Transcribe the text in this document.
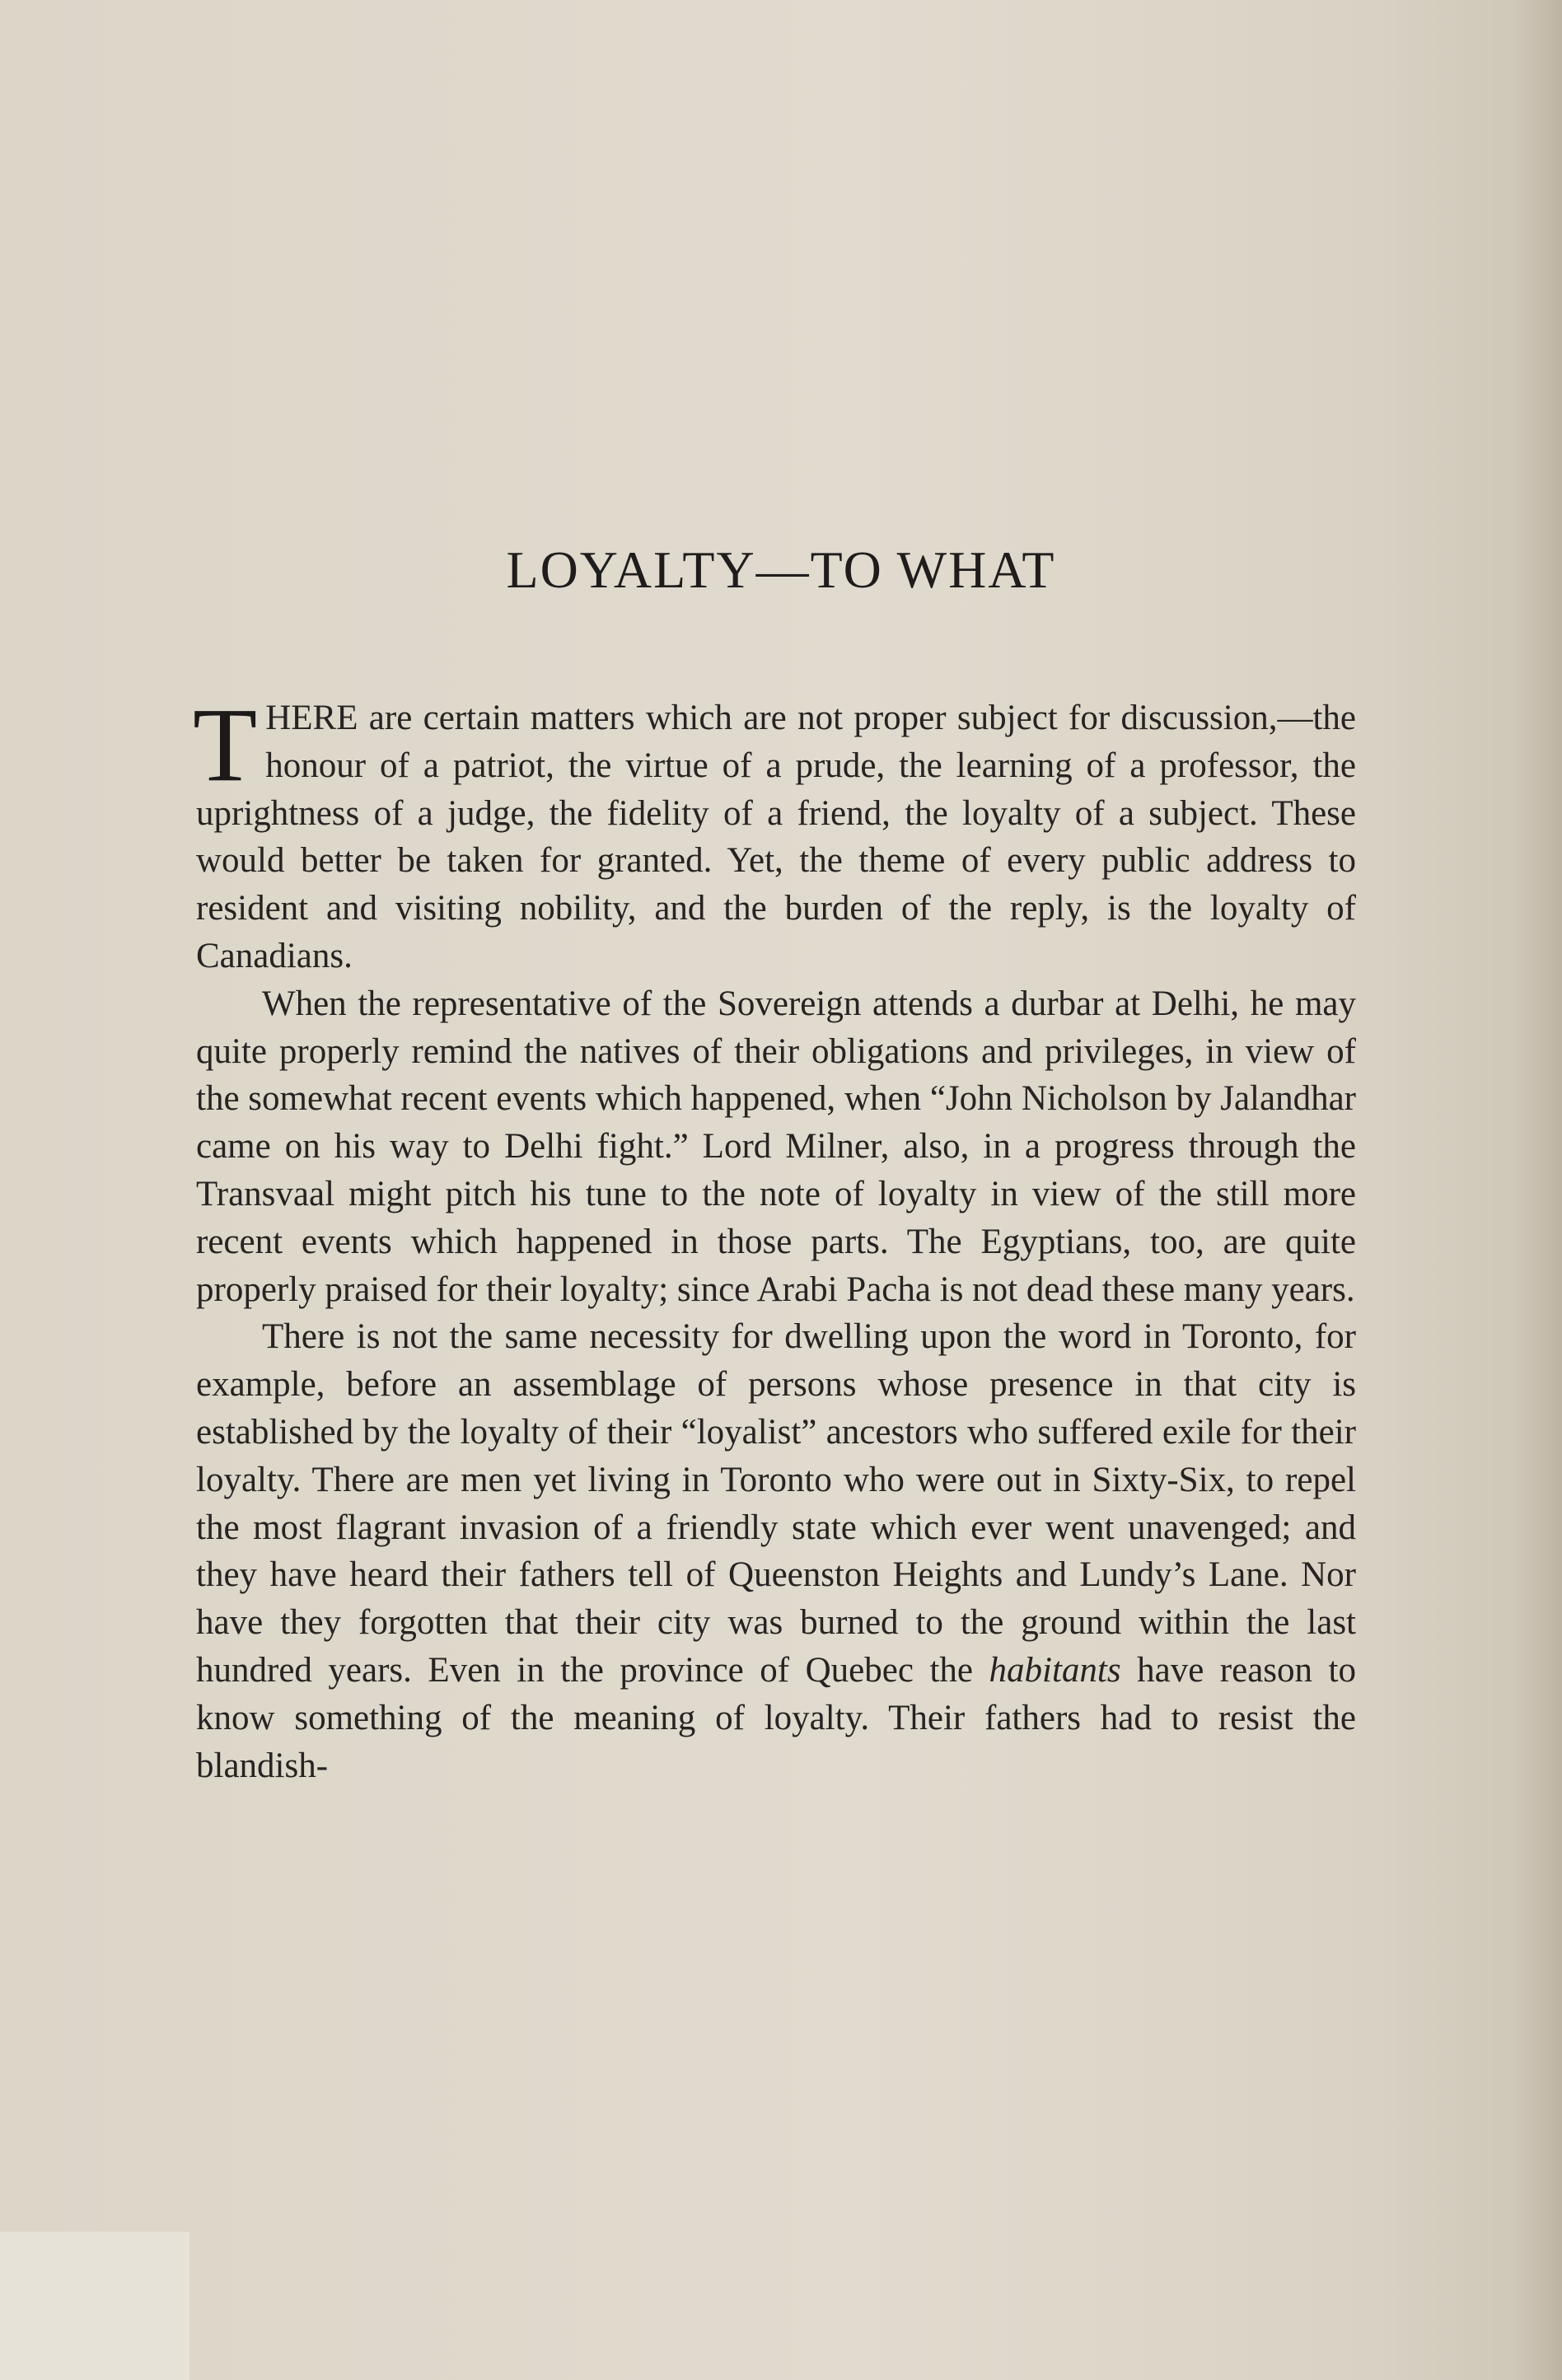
LOYALTY—TO WHAT

THERE are certain matters which are not proper subject for discussion,—the honour of a patriot, the virtue of a prude, the learning of a professor, the uprightness of a judge, the fidelity of a friend, the loyalty of a subject. These would better be taken for granted. Yet, the theme of every public address to resident and visiting nobility, and the burden of the reply, is the loyalty of Canadians.

When the representative of the Sovereign attends a durbar at Delhi, he may quite properly remind the natives of their obligations and privileges, in view of the somewhat recent events which happened, when “John Nicholson by Jalandhar came on his way to Delhi fight.” Lord Milner, also, in a progress through the Transvaal might pitch his tune to the note of loyalty in view of the still more recent events which happened in those parts. The Egyptians, too, are quite properly praised for their loyalty; since Arabi Pacha is not dead these many years.

There is not the same necessity for dwelling upon the word in Toronto, for example, before an assemblage of persons whose presence in that city is established by the loyalty of their “loyalist” ancestors who suffered exile for their loyalty. There are men yet living in Toronto who were out in Sixty-Six, to repel the most flagrant invasion of a friendly state which ever went unavenged; and they have heard their fathers tell of Queenston Heights and Lundy’s Lane. Nor have they forgotten that their city was burned to the ground within the last hundred years. Even in the province of Quebec the habitants have reason to know something of the meaning of loyalty. Their fathers had to resist the blandish-
